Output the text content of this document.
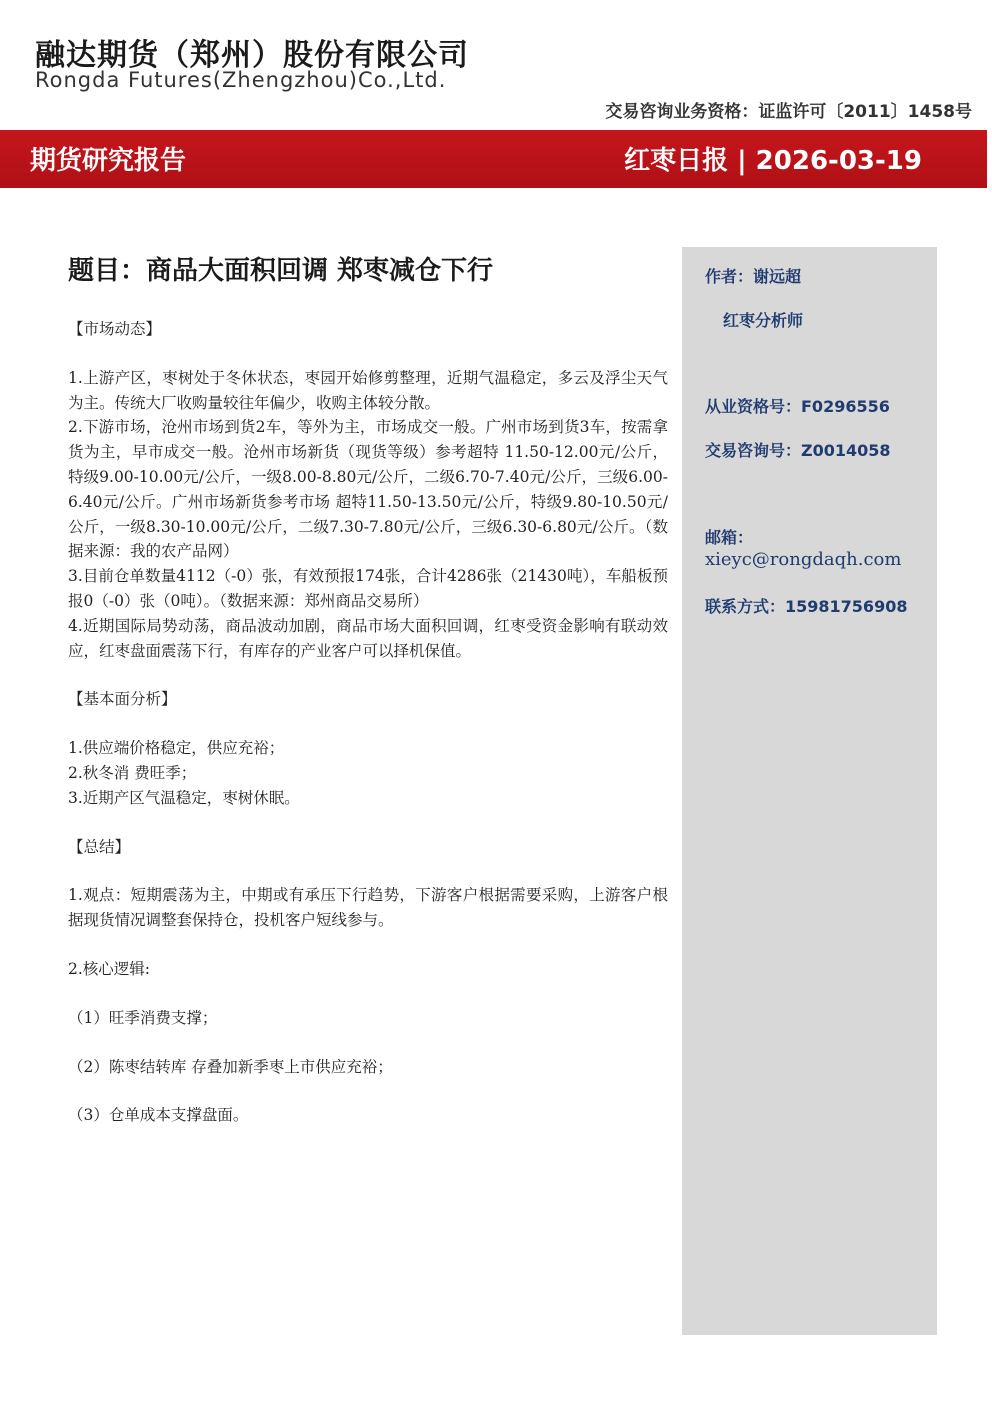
融达期货（郑州）股份有限公司
Rongda Futures(Zhengzhou)Co.,Ltd.
交易咨询业务资格：证监许可〔2011〕1458号
期货研究报告	红枣日报 | 2026-03-19
作者：谢远超
红枣分析师
从业资格号：F0296556
交易咨询号：Z0014058
邮箱：
xieyc@rongdaqh.com
联系方式：15981756908
题目：商品大面积回调 郑枣减仓下行

【市场动态】

1.上游产区，枣树处于冬休状态，枣园开始修剪整理，近期气温稳定，多云及浮尘天气为主。传统大厂收购量较往年偏少，收购主体较分散。

2.下游市场，沧州市场到货2车，等外为主，市场成交一般。广州市场到货3车，按需拿货为主，早市成交一般。沧州市场新货（现货等级）参考超特 11.50-12.00元/公斤，特级9.00-10.00元/公斤，一级8.00-8.80元/公斤，二级6.70-7.40元/公斤，三级6.00-6.40元/公斤。广州市场新货参考市场 超特11.50-13.50元/公斤，特级9.80-10.50元/公斤，一级8.30-10.00元/公斤，二级7.30-7.80元/公斤，三级6.30-6.80元/公斤。（数据来源：我的农产品网）

3.目前仓单数量4112（-0）张，有效预报174张，合计4286张（21430吨），车船板预报0（-0）张（0吨）。（数据来源：郑州商品交易所）

4.近期国际局势动荡，商品波动加剧，商品市场大面积回调，红枣受资金影响有联动效应，红枣盘面震荡下行，有库存的产业客户可以择机保值。

【基本面分析】

1.供应端价格稳定，供应充裕；

2.秋冬消 费旺季；

3.近期产区气温稳定，枣树休眠。

【总结】

1.观点：短期震荡为主，中期或有承压下行趋势，下游客户根据需要采购，上游客户根据现货情况调整套保持仓，投机客户短线参与。

2.核心逻辑:

（1）旺季消费支撑；

（2）陈枣结转库 存叠加新季枣上市供应充裕；

（3）仓单成本支撑盘面。
